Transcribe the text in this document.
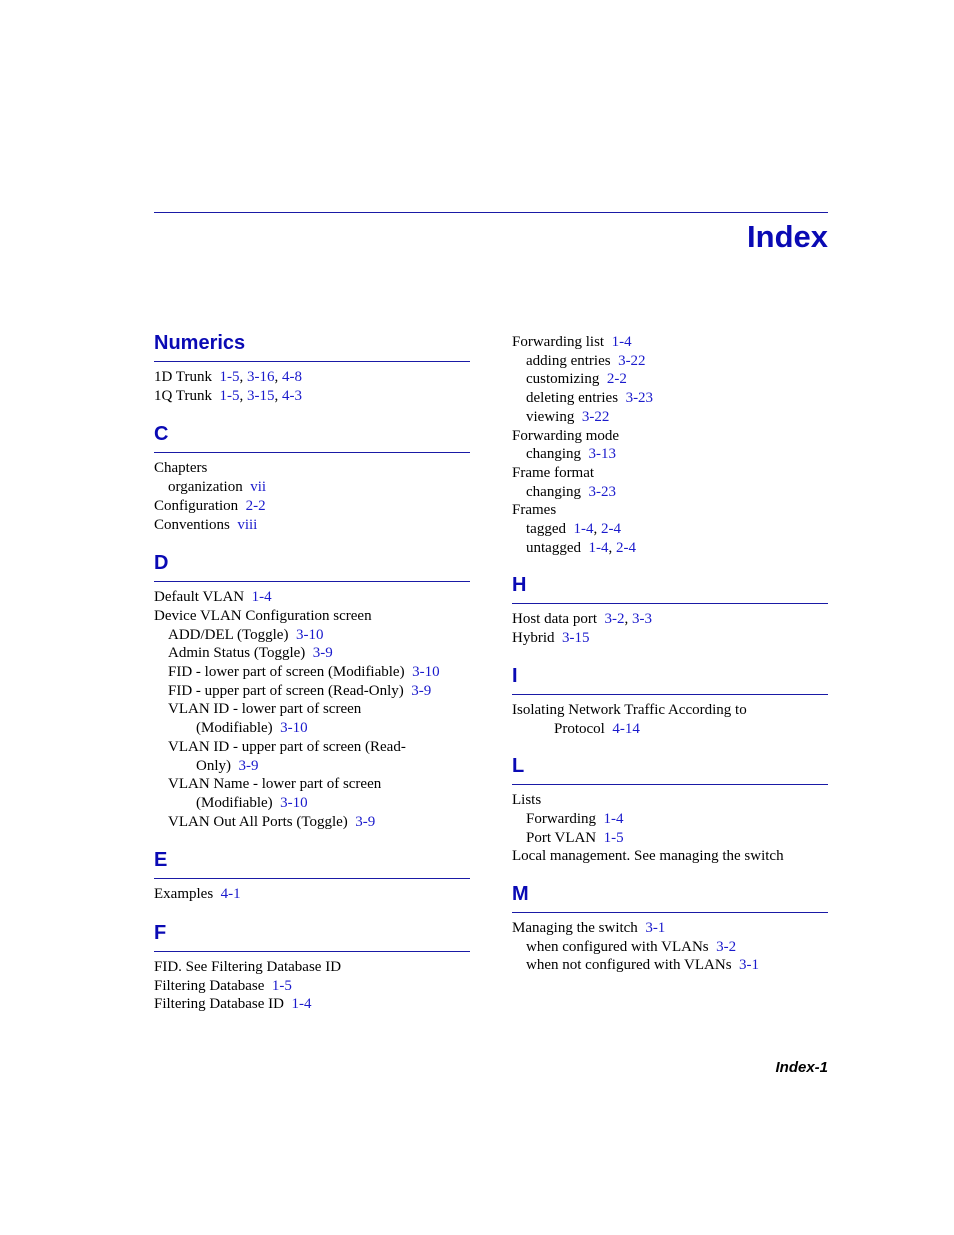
Index
Numerics
1D Trunk 1-5, 3-16, 4-8
1Q Trunk 1-5, 3-15, 4-3
C
Chapters
organization vii
Configuration 2-2
Conventions viii
D
Default VLAN 1-4
Device VLAN Configuration screen
ADD/DEL (Toggle) 3-10
Admin Status (Toggle) 3-9
FID - lower part of screen (Modifiable) 3-10
FID - upper part of screen (Read-Only) 3-9
VLAN ID - lower part of screen
(Modifiable) 3-10
VLAN ID - upper part of screen (Read-
Only) 3-9
VLAN Name - lower part of screen
(Modifiable) 3-10
VLAN Out All Ports (Toggle) 3-9
E
Examples 4-1
F
FID. See Filtering Database ID
Filtering Database 1-5
Filtering Database ID 1-4
Forwarding list 1-4
adding entries 3-22
customizing 2-2
deleting entries 3-23
viewing 3-22
Forwarding mode
changing 3-13
Frame format
changing 3-23
Frames
tagged 1-4, 2-4
untagged 1-4, 2-4
H
Host data port 3-2, 3-3
Hybrid 3-15
I
Isolating Network Traffic According to
Protocol 4-14
L
Lists
Forwarding 1-4
Port VLAN 1-5
Local management. See managing the switch
M
Managing the switch 3-1
when configured with VLANs 3-2
when not configured with VLANs 3-1
Index-1
